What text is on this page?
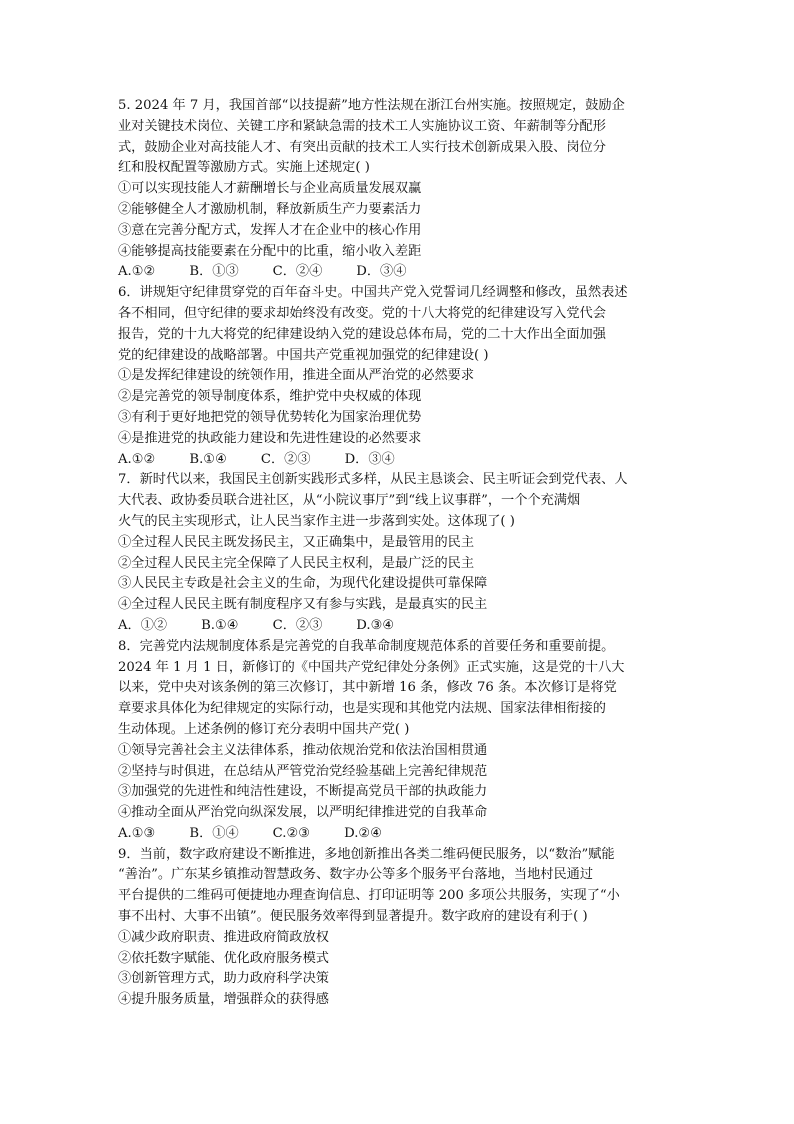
5. 2024 年 7 月，我国首部“以技提薪”地方性法规在浙江台州实施。按照规定，鼓励企
业对关键技术岗位、关键工序和紧缺急需的技术工人实施协议工资、年薪制等分配形
式，鼓励企业对高技能人才、有突出贡献的技术工人实行技术创新成果入股、岗位分
红和股权配置等激励方式。实施上述规定( )
①可以实现技能人才薪酬增长与企业高质量发展双赢
②能够健全人才激励机制，释放新质生产力要素活力
③意在完善分配方式，发挥人才在企业中的核心作用
④能够提高技能要素在分配中的比重，缩小收入差距
A.①②	B．①③	C．②④	D．③④
6．讲规矩守纪律贯穿党的百年奋斗史。中国共产党入党誓词几经调整和修改，虽然表述
各不相同，但守纪律的要求却始终没有改变。党的十八大将党的纪律建设写入党代会
报告，党的十九大将党的纪律建设纳入党的建设总体布局，党的二十大作出全面加强
党的纪律建设的战略部署。中国共产党重视加强党的纪律建设( )
①是发挥纪律建设的统领作用，推进全面从严治党的必然要求
②是完善党的领导制度体系，维护党中央权威的体现
③有利于更好地把党的领导优势转化为国家治理优势
④是推进党的执政能力建设和先进性建设的必然要求
A.①②	B.①④	C．②③	D．③④
7．新时代以来，我国民主创新实践形式多样，从民主恳谈会、民主听证会到党代表、人
大代表、政协委员联合进社区，从“小院议事厅”到“线上议事群”，一个个充满烟
火气的民主实现形式，让人民当家作主进一步落到实处。这体现了( )
①全过程人民民主既发扬民主，又正确集中，是最管用的民主
②全过程人民民主完全保障了人民民主权利，是最广泛的民主
③人民民主专政是社会主义的生命，为现代化建设提供可靠保障
④全过程人民民主既有制度程序又有参与实践，是最真实的民主
A．①②	B.①④	C．②③	D.③④
8．完善党内法规制度体系是完善党的自我革命制度规范体系的首要任务和重要前提。
2024 年 1 月 1 日，新修订的《中国共产党纪律处分条例》正式实施，这是党的十八大
以来，党中央对该条例的第三次修订，其中新增 16 条，修改 76 条。本次修订是将党
章要求具体化为纪律规定的实际行动，也是实现和其他党内法规、国家法律相衔接的
生动体现。上述条例的修订充分表明中国共产党( )
①领导完善社会主义法律体系，推动依规治党和依法治国相贯通
②坚持与时俱进，在总结从严管党治党经验基础上完善纪律规范
③加强党的先进性和纯洁性建设，不断提高党员干部的执政能力
④推动全面从严治党向纵深发展，以严明纪律推进党的自我革命
A.①③	B．①④	C.②③	D.②④
9．当前，数字政府建设不断推进，多地创新推出各类二维码便民服务，以“数治”赋能
“善治”。广东某乡镇推动智慧政务、数字办公等多个服务平台落地，当地村民通过
平台提供的二维码可便捷地办理查询信息、打印证明等 200 多项公共服务，实现了“小
事不出村、大事不出镇”。便民服务效率得到显著提升。数字政府的建设有利于( )
①减少政府职责、推进政府简政放权
②依托数字赋能、优化政府服务模式
③创新管理方式，助力政府科学决策
④提升服务质量，增强群众的获得感
